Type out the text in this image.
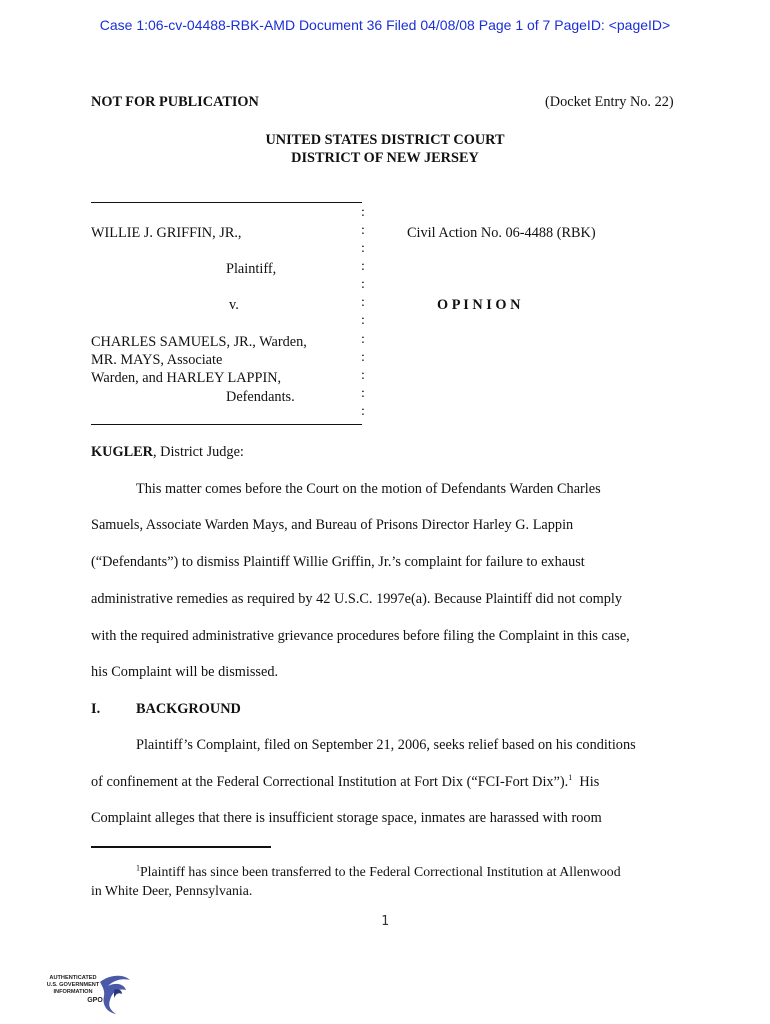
Case 1:06-cv-04488-RBK-AMD Document 36 Filed 04/08/08 Page 1 of 7 PageID: <pageID>
NOT FOR PUBLICATION	(Docket Entry No. 22)
UNITED STATES DISTRICT COURT
DISTRICT OF NEW JERSEY
WILLIE J. GRIFFIN, JR.,
Plaintiff,
v.
CHARLES SAMUELS, JR., Warden,
MR. MAYS, Associate
Warden, and HARLEY LAPPIN,
Defendants.
:
:
:
:
:
:
:
:
:
:
:
:
Civil Action No. 06-4488 (RBK)
O P I N I O N
KUGLER, District Judge:
This matter comes before the Court on the motion of Defendants Warden Charles
Samuels, Associate Warden Mays, and Bureau of Prisons Director Harley G. Lappin
(“Defendants”) to dismiss Plaintiff Willie Griffin, Jr.’s complaint for failure to exhaust
administrative remedies as required by 42 U.S.C. 1997e(a). Because Plaintiff did not comply
with the required administrative grievance procedures before filing the Complaint in this case,
his Complaint will be dismissed.
I.	BACKGROUND
Plaintiff’s Complaint, filed on September 21, 2006, seeks relief based on his conditions
of confinement at the Federal Correctional Institution at Fort Dix (“FCI-Fort Dix”).$^1$ His
Complaint alleges that there is insufficient storage space, inmates are harassed with room
$^1$Plaintiff has since been transferred to the Federal Correctional Institution at Allenwood
in White Deer, Pennsylvania.
1
AUTHENTICATED
U.S. GOVERNMENT
INFORMATION
GPO
